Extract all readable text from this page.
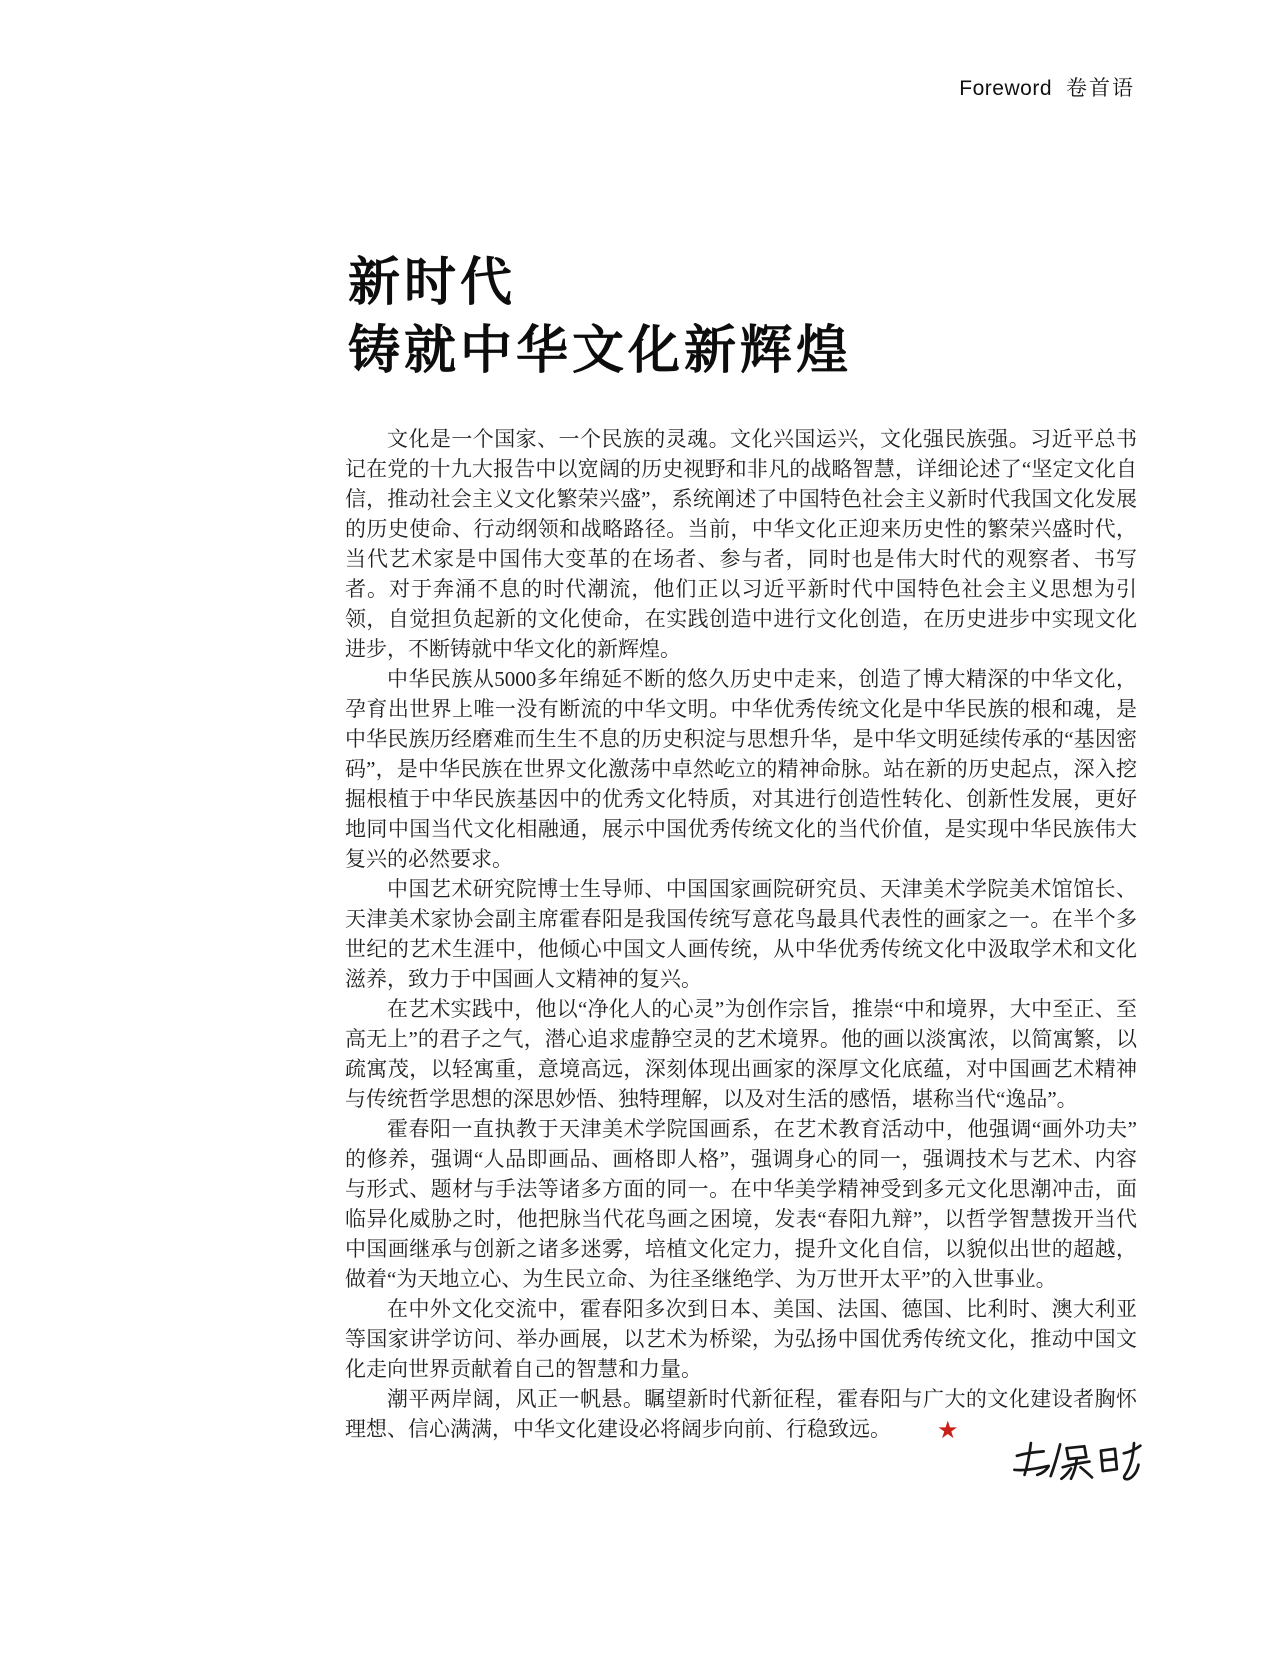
Foreword 卷首语
新时代
铸就中华文化新辉煌

文化是一个国家、一个民族的灵魂。文化兴国运兴，文化强民族强。习近平总书记在党的十九大报告中以宽阔的历史视野和非凡的战略智慧，详细论述了“坚定文化自信，推动社会主义文化繁荣兴盛”，系统阐述了中国特色社会主义新时代我国文化发展的历史使命、行动纲领和战略路径。当前，中华文化正迎来历史性的繁荣兴盛时代，当代艺术家是中国伟大变革的在场者、参与者，同时也是伟大时代的观察者、书写者。对于奔涌不息的时代潮流，他们正以习近平新时代中国特色社会主义思想为引领，自觉担负起新的文化使命，在实践创造中进行文化创造，在历史进步中实现文化进步，不断铸就中华文化的新辉煌。

中华民族从5000多年绵延不断的悠久历史中走来，创造了博大精深的中华文化，孕育出世界上唯一没有断流的中华文明。中华优秀传统文化是中华民族的根和魂，是中华民族历经磨难而生生不息的历史积淀与思想升华，是中华文明延续传承的“基因密码”，是中华民族在世界文化激荡中卓然屹立的精神命脉。站在新的历史起点，深入挖掘根植于中华民族基因中的优秀文化特质，对其进行创造性转化、创新性发展，更好地同中国当代文化相融通，展示中国优秀传统文化的当代价值，是实现中华民族伟大复兴的必然要求。

中国艺术研究院博士生导师、中国国家画院研究员、天津美术学院美术馆馆长、天津美术家协会副主席霍春阳是我国传统写意花鸟最具代表性的画家之一。在半个多世纪的艺术生涯中，他倾心中国文人画传统，从中华优秀传统文化中汲取学术和文化滋养，致力于中国画人文精神的复兴。

在艺术实践中，他以“净化人的心灵”为创作宗旨，推崇“中和境界，大中至正、至高无上”的君子之气，潜心追求虚静空灵的艺术境界。他的画以淡寓浓，以简寓繁，以疏寓茂，以轻寓重，意境高远，深刻体现出画家的深厚文化底蕴，对中国画艺术精神与传统哲学思想的深思妙悟、独特理解，以及对生活的感悟，堪称当代“逸品”。

霍春阳一直执教于天津美术学院国画系，在艺术教育活动中，他强调“画外功夫”的修养，强调“人品即画品、画格即人格”，强调身心的同一，强调技术与艺术、内容与形式、题材与手法等诸多方面的同一。在中华美学精神受到多元文化思潮冲击，面临异化威胁之时，他把脉当代花鸟画之困境，发表“春阳九辩”，以哲学智慧拨开当代中国画继承与创新之诸多迷雾，培植文化定力，提升文化自信，以貌似出世的超越，做着“为天地立心、为生民立命、为往圣继绝学、为万世开太平”的入世事业。

在中外文化交流中，霍春阳多次到日本、美国、法国、德国、比利时、澳大利亚等国家讲学访问、举办画展，以艺术为桥梁，为弘扬中国优秀传统文化，推动中国文化走向世界贡献着自己的智慧和力量。

潮平两岸阔，风正一帆悬。瞩望新时代新征程，霍春阳与广大的文化建设者胸怀理想、信心满满，中华文化建设必将阔步向前、行稳致远。 ★
